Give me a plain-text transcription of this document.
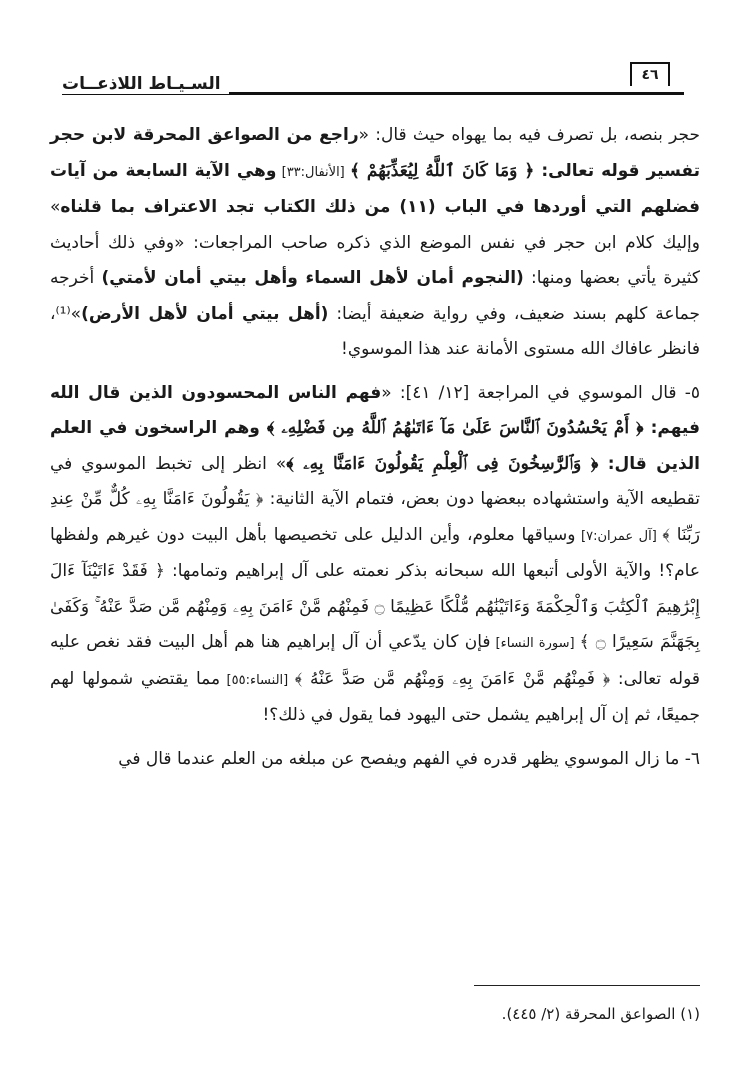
٤٦
السـيـاط اللاذعــات

حجر بنصه، بل تصرف فيه بما يهواه حيث قال: «راجع من الصواعق المحرقة لابن حجر تفسير قوله تعالى: ﴿ وَمَا كَانَ ٱللَّهُ لِيُعَذِّبَهُمْ ﴾ [الأنفال:٣٣] وهي الآية السابعة من آيات فضلهم التي أوردها في الباب (١١) من ذلك الكتاب تجد الاعتراف بما قلناه» وإليك كلام ابن حجر في نفس الموضع الذي ذكره صاحب المراجعات: «وفي ذلك أحاديث كثيرة يأتي بعضها ومنها: (النجوم أمان لأهل السماء وأهل بيتي أمان لأمتي) أخرجه جماعة كلهم بسند ضعيف، وفي رواية ضعيفة أيضا: (أهل بيتي أمان لأهل الأرض)»⁽¹⁾، فانظر عافاك الله مستوى الأمانة عند هذا الموسوي!

٥- قال الموسوي في المراجعة [١٢/ ٤١]: «فهم الناس المحسودون الذين قال الله فيهم: ﴿ أَمْ يَحْسُدُونَ ٱلنَّاسَ عَلَىٰ مَآ ءَاتَىٰهُمُ ٱللَّهُ مِن فَضْلِهِۦ ﴾ وهم الراسخون في العلم الذين قال: ﴿ وَٱلرَّٰسِخُونَ فِى ٱلْعِلْمِ يَقُولُونَ ءَامَنَّا بِهِۦ ﴾» انظر إلى تخبط الموسوي في تقطيعه الآية واستشهاده ببعضها دون بعض، فتمام الآية الثانية: ﴿ يَقُولُونَ ءَامَنَّا بِهِۦ كُلٌّ مِّنْ عِندِ رَبِّنَا ﴾ [آل عمران:٧] وسياقها معلوم، وأين الدليل على تخصيصها بأهل البيت دون غيرهم ولفظها عام؟! والآية الأولى أتبعها الله سبحانه بذكر نعمته على آل إبراهيم وتمامها: ﴿ فَقَدْ ءَاتَيْنَآ ءَالَ إِبْرَٰهِيمَ ٱلْكِتَٰبَ وَٱلْحِكْمَةَ وَءَاتَيْنَٰهُم مُّلْكًا عَظِيمًا ۝ فَمِنْهُم مَّنْ ءَامَنَ بِهِۦ وَمِنْهُم مَّن صَدَّ عَنْهُ ۚ وَكَفَىٰ بِجَهَنَّمَ سَعِيرًا ۝ ﴾ [سورة النساء] فإن كان يدّعي أن آل إبراهيم هنا هم أهل البيت فقد نغص عليه قوله تعالى: ﴿ فَمِنْهُم مَّنْ ءَامَنَ بِهِۦ وَمِنْهُم مَّن صَدَّ عَنْهُ ﴾ [النساء:٥٥] مما يقتضي شمولها لهم جميعًا، ثم إن آل إبراهيم يشمل حتى اليهود فما يقول في ذلك؟!

٦- ما زال الموسوي يظهر قدره في الفهم ويفصح عن مبلغه من العلم عندما قال في

(١) الصواعق المحرقة (٢/ ٤٤٥).
